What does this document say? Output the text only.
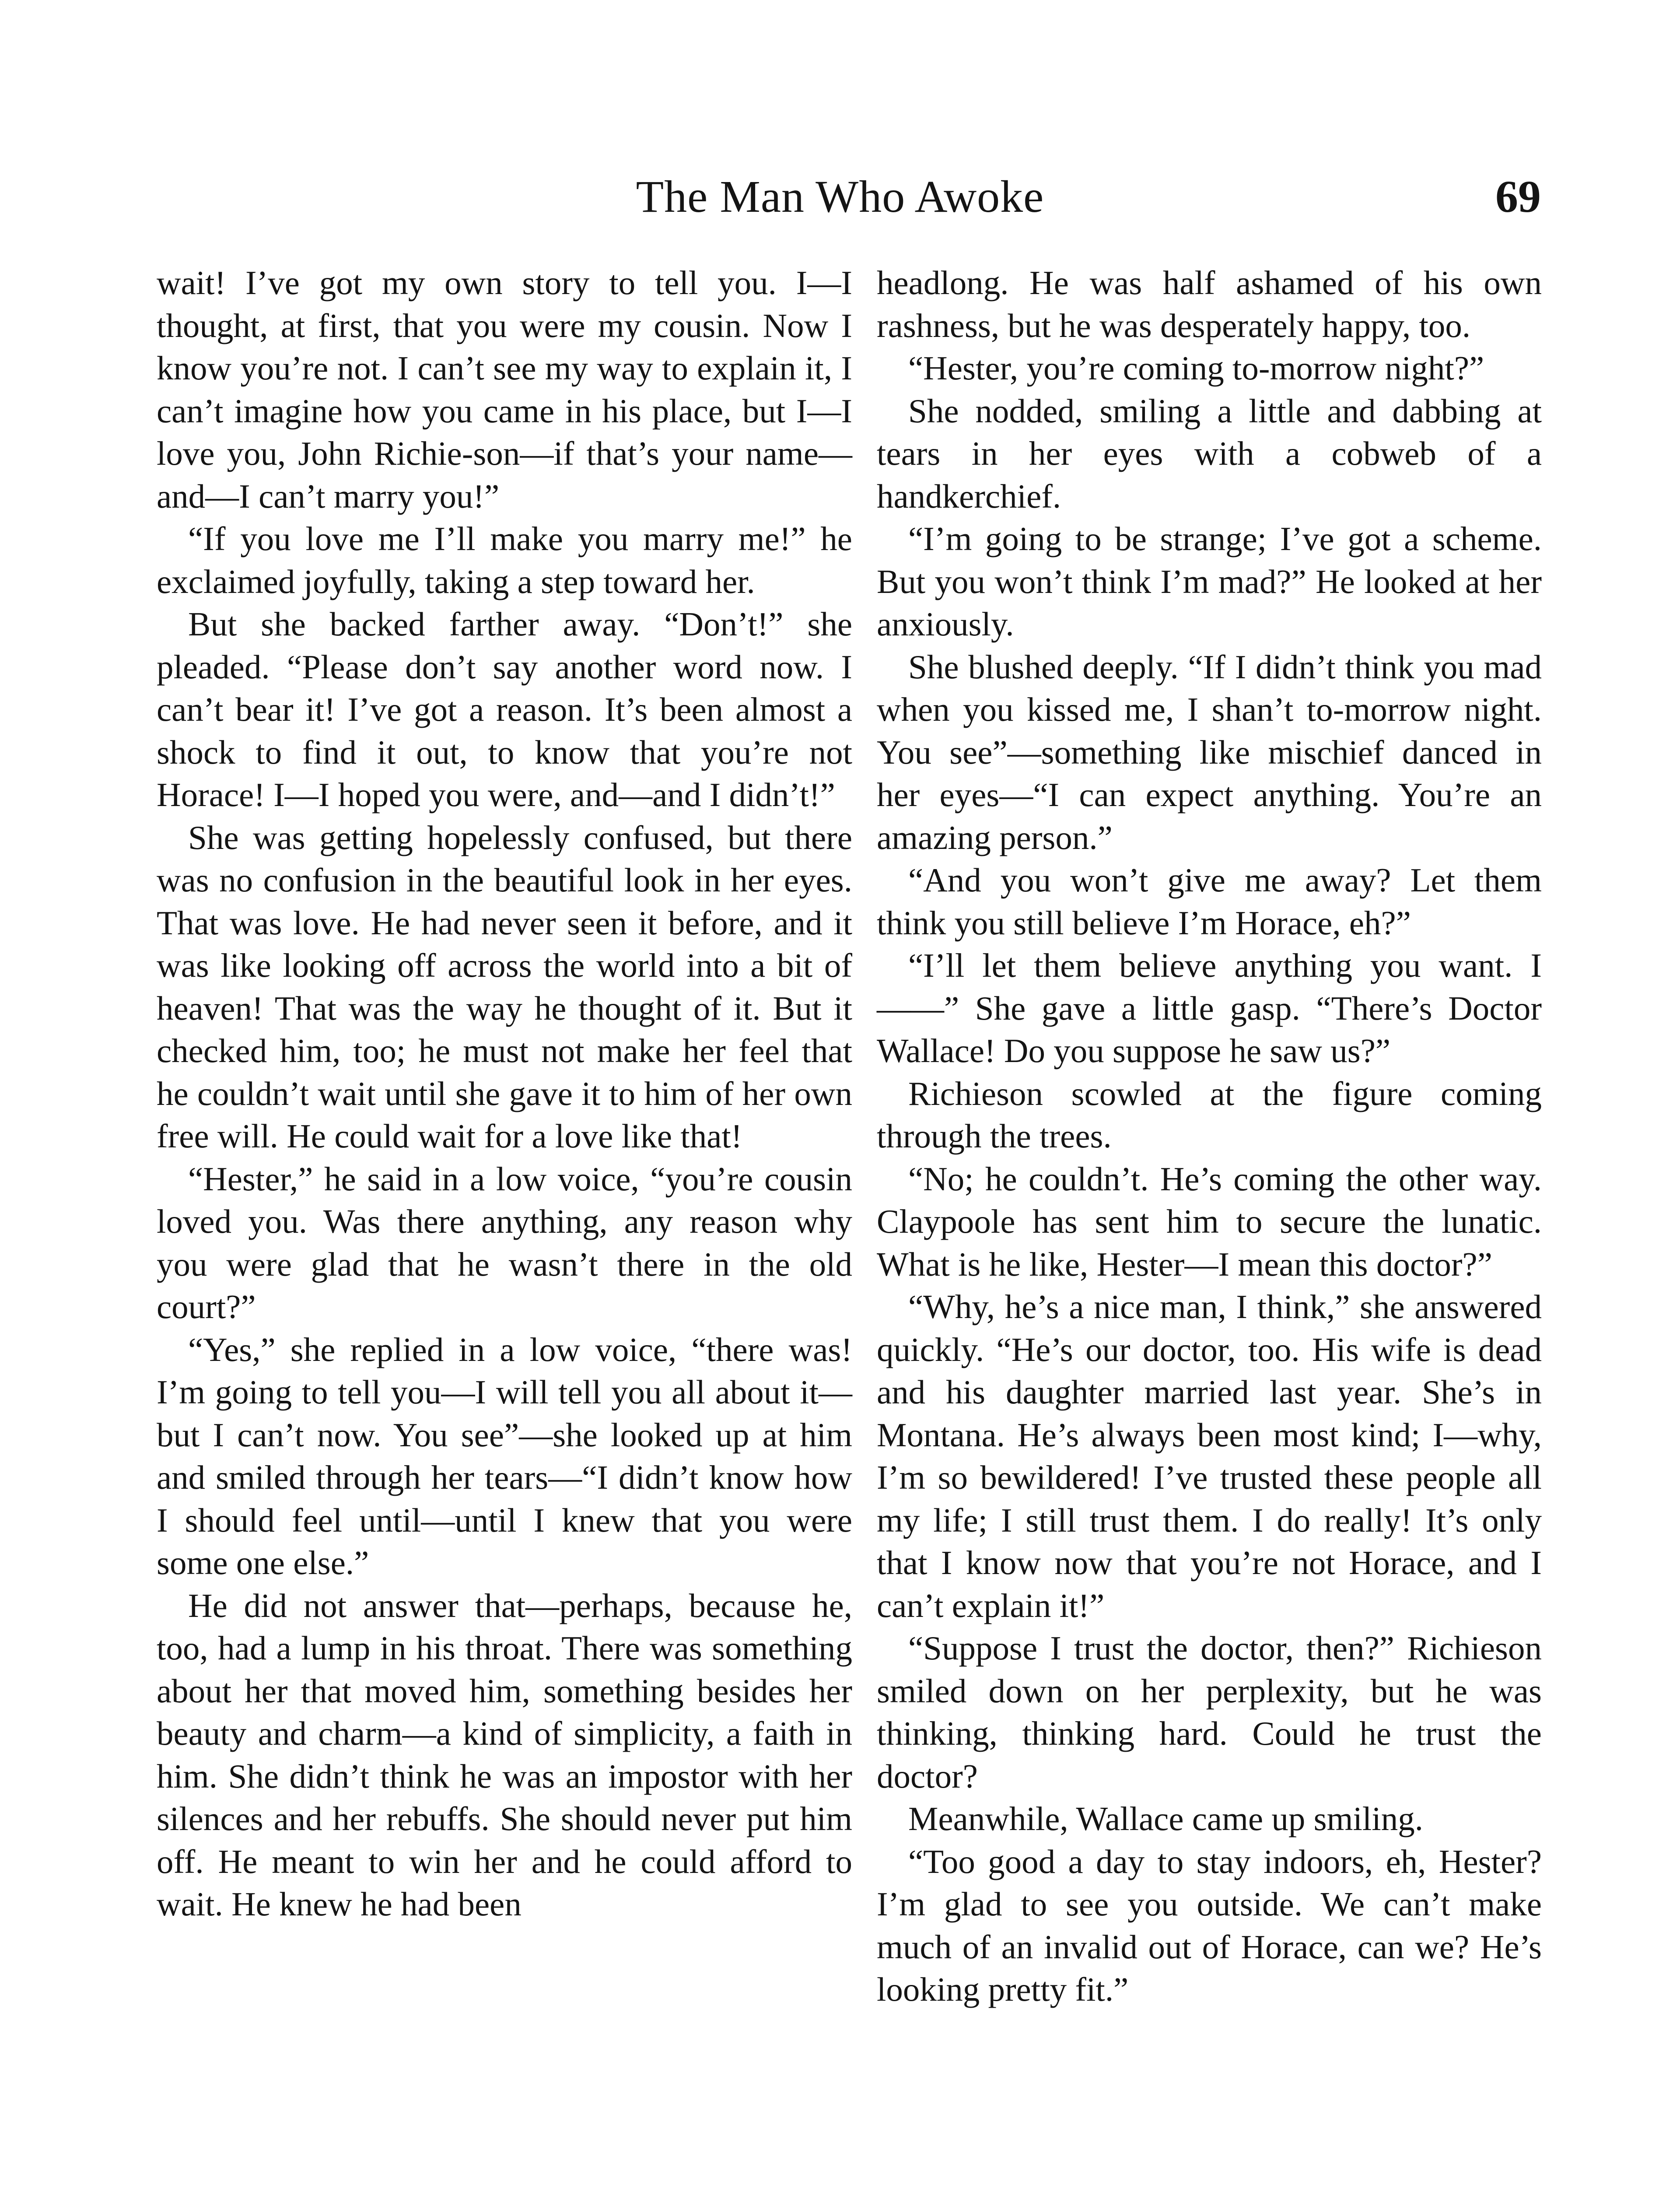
The Man Who Awoke	69

wait! I’ve got my own story to tell you. I—I thought, at first, that you were my cousin. Now I know you’re not. I can’t see my way to explain it, I can’t imagine how you came in his place, but I—I love you, John Richie-son—if that’s your name—and—I can’t marry you!”

“If you love me I’ll make you marry me!” he exclaimed joyfully, taking a step toward her.

But she backed farther away. “Don’t!” she pleaded. “Please don’t say another word now. I can’t bear it! I’ve got a reason. It’s been almost a shock to find it out, to know that you’re not Horace! I—I hoped you were, and—and I didn’t!”

She was getting hopelessly confused, but there was no confusion in the beautiful look in her eyes. That was love. He had never seen it before, and it was like looking off across the world into a bit of heaven! That was the way he thought of it. But it checked him, too; he must not make her feel that he couldn’t wait until she gave it to him of her own free will. He could wait for a love like that!

“Hester,” he said in a low voice, “you’re cousin loved you. Was there anything, any reason why you were glad that he wasn’t there in the old court?”

“Yes,” she replied in a low voice, “there was! I’m going to tell you—I will tell you all about it—but I can’t now. You see”—she looked up at him and smiled through her tears—“I didn’t know how I should feel until—until I knew that you were some one else.”

He did not answer that—perhaps, because he, too, had a lump in his throat. There was something about her that moved him, something besides her beauty and charm—a kind of simplicity, a faith in him. She didn’t think he was an impostor with her silences and her rebuffs. She should never put him off. He meant to win her and he could afford to wait. He knew he had been

headlong. He was half ashamed of his own rashness, but he was desperately happy, too.

“Hester, you’re coming to-morrow night?”

She nodded, smiling a little and dabbing at tears in her eyes with a cobweb of a handkerchief.

“I’m going to be strange; I’ve got a scheme. But you won’t think I’m mad?” He looked at her anxiously.

She blushed deeply. “If I didn’t think you mad when you kissed me, I shan’t to-morrow night. You see”—something like mischief danced in her eyes—“I can expect anything. You’re an amazing person.”

“And you won’t give me away? Let them think you still believe I’m Horace, eh?”

“I’ll let them believe anything you want. I——” She gave a little gasp. “There’s Doctor Wallace! Do you suppose he saw us?”

Richieson scowled at the figure coming through the trees.

“No; he couldn’t. He’s coming the other way. Claypoole has sent him to secure the lunatic. What is he like, Hester—I mean this doctor?”

“Why, he’s a nice man, I think,” she answered quickly. “He’s our doctor, too. His wife is dead and his daughter married last year. She’s in Montana. He’s always been most kind; I—why, I’m so bewildered! I’ve trusted these people all my life; I still trust them. I do really! It’s only that I know now that you’re not Horace, and I can’t explain it!”

“Suppose I trust the doctor, then?” Richieson smiled down on her perplexity, but he was thinking, thinking hard. Could he trust the doctor?

Meanwhile, Wallace came up smiling.

“Too good a day to stay indoors, eh, Hester? I’m glad to see you outside. We can’t make much of an invalid out of Horace, can we? He’s looking pretty fit.”
